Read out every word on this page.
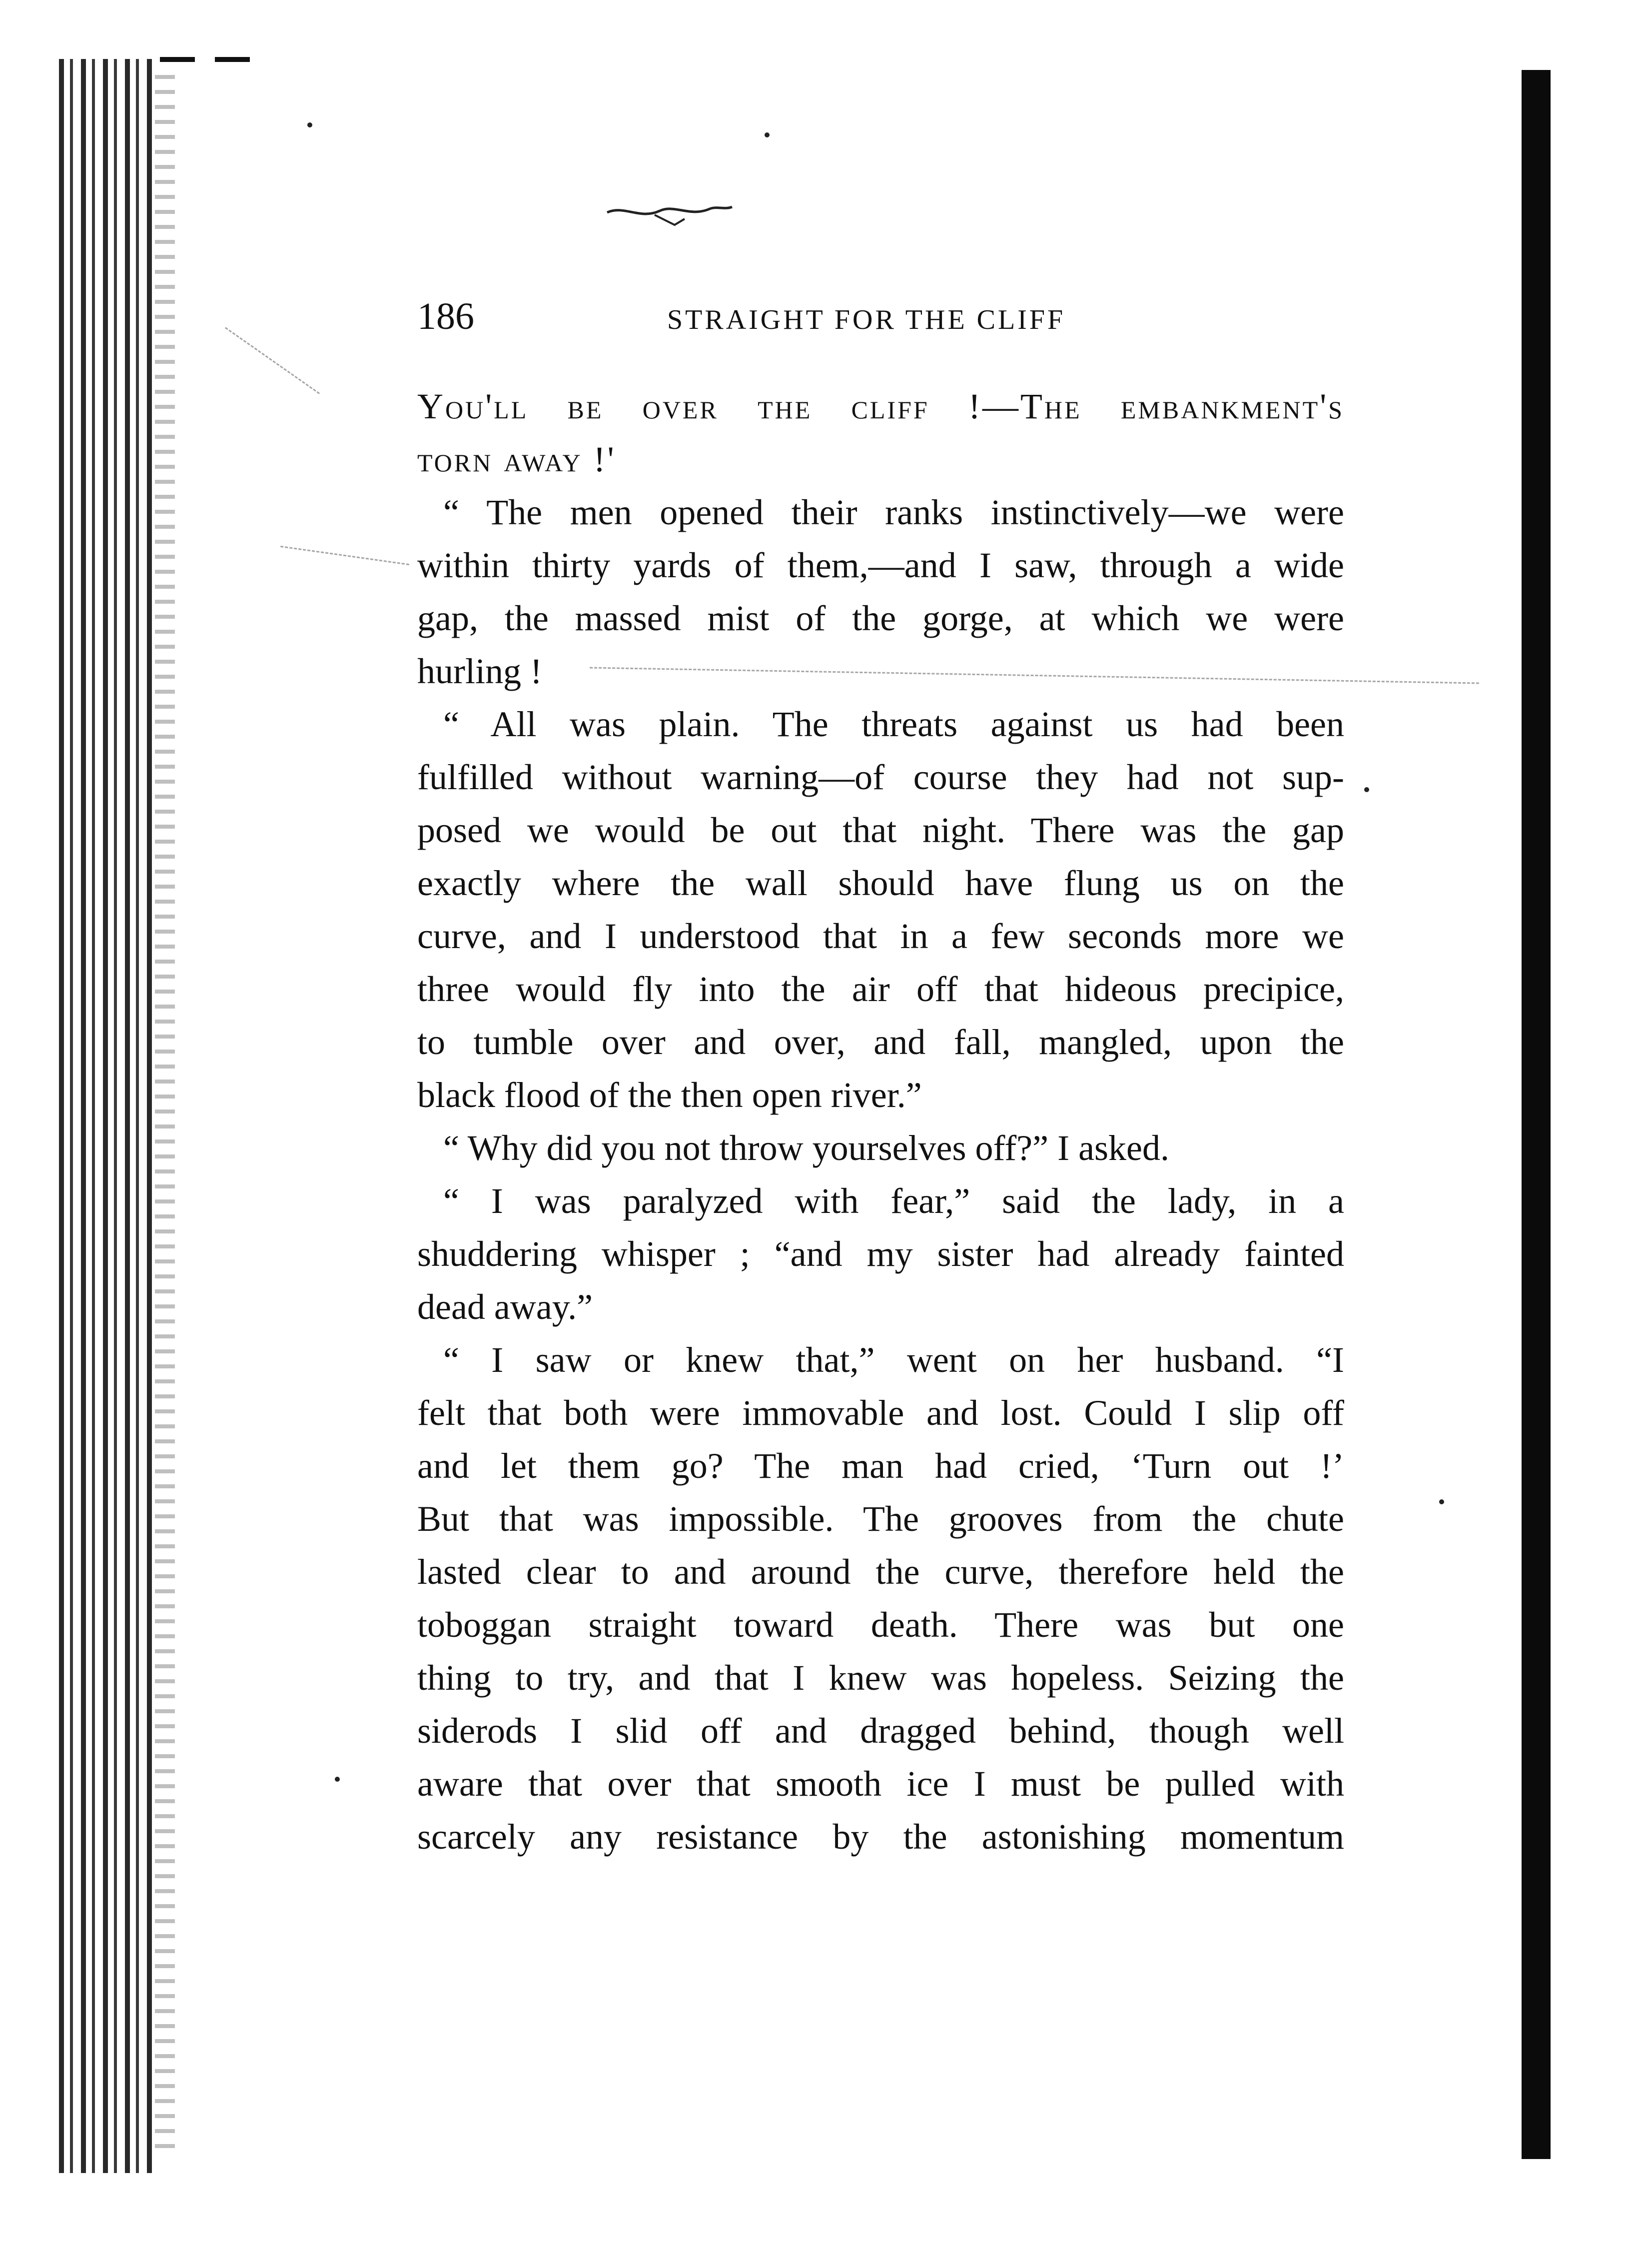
186	STRAIGHT FOR THE CLIFF
You'll be over the cliff !—The embankment's
torn away !'
“ The men opened their ranks instinctively—we were
within thirty yards of them,—and I saw, through a wide
gap, the massed mist of the gorge, at which we were
hurling !
“ All was plain. The threats against us had been
fulfilled without warning—of course they had not sup-
posed we would be out that night. There was the gap
exactly where the wall should have flung us on the
curve, and I understood that in a few seconds more we
three would fly into the air off that hideous precipice,
to tumble over and over, and fall, mangled, upon the
black flood of the then open river.”
“ Why did you not throw yourselves off?” I asked.
“ I was paralyzed with fear,” said the lady, in a
shuddering whisper ; “and my sister had already fainted
dead away.”
“ I saw or knew that,” went on her husband. “I
felt that both were immovable and lost. Could I slip off
and let them go? The man had cried, ‘Turn out !’
But that was impossible. The grooves from the chute
lasted clear to and around the curve, therefore held the
toboggan straight toward death. There was but one
thing to try, and that I knew was hopeless. Seizing the
siderods I slid off and dragged behind, though well
aware that over that smooth ice I must be pulled with
scarcely any resistance by the astonishing momentum
